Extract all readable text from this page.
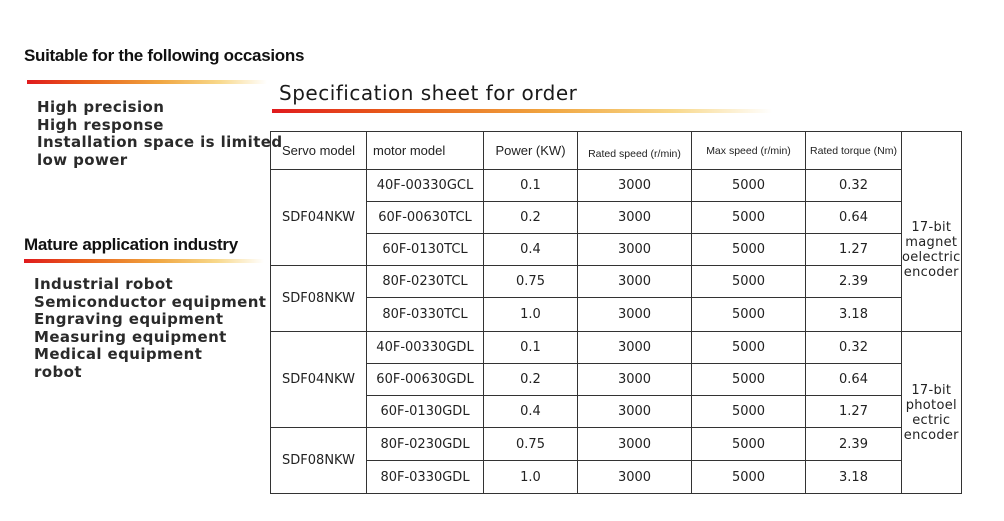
Suitable for the following occasions
High precision
High response
Installation space is limited
low power
Mature application industry
Industrial robot
Semiconductor equipment
Engraving equipment
Measuring equipment
Medical equipment
robot
Specification sheet for order
Servo model	motor model	Power (KW)	Rated speed (r/min)	Max speed (r/min)	Rated torque (Nm)	
SDF04NKW	40F-00330GCL	0.1	3000	5000	0.32	17-bit
magnet
oelectric
encoder

	60F-00630TCL	0.2	3000	5000	0.64	
	60F-0130TCL	0.4	3000	5000	1.27	
SDF08NKW	80F-0230TCL	0.75	3000	5000	2.39	
	80F-0330TCL	1.0	3000	5000	3.18	
SDF04NKW	40F-00330GDL	0.1	3000	5000	0.32	17-bit
photoel
ectric
encoder

	60F-00630GDL	0.2	3000	5000	0.64	
	60F-0130GDL	0.4	3000	5000	1.27	
SDF08NKW	80F-0230GDL	0.75	3000	5000	2.39	
	80F-0330GDL	1.0	3000	5000	3.18	
